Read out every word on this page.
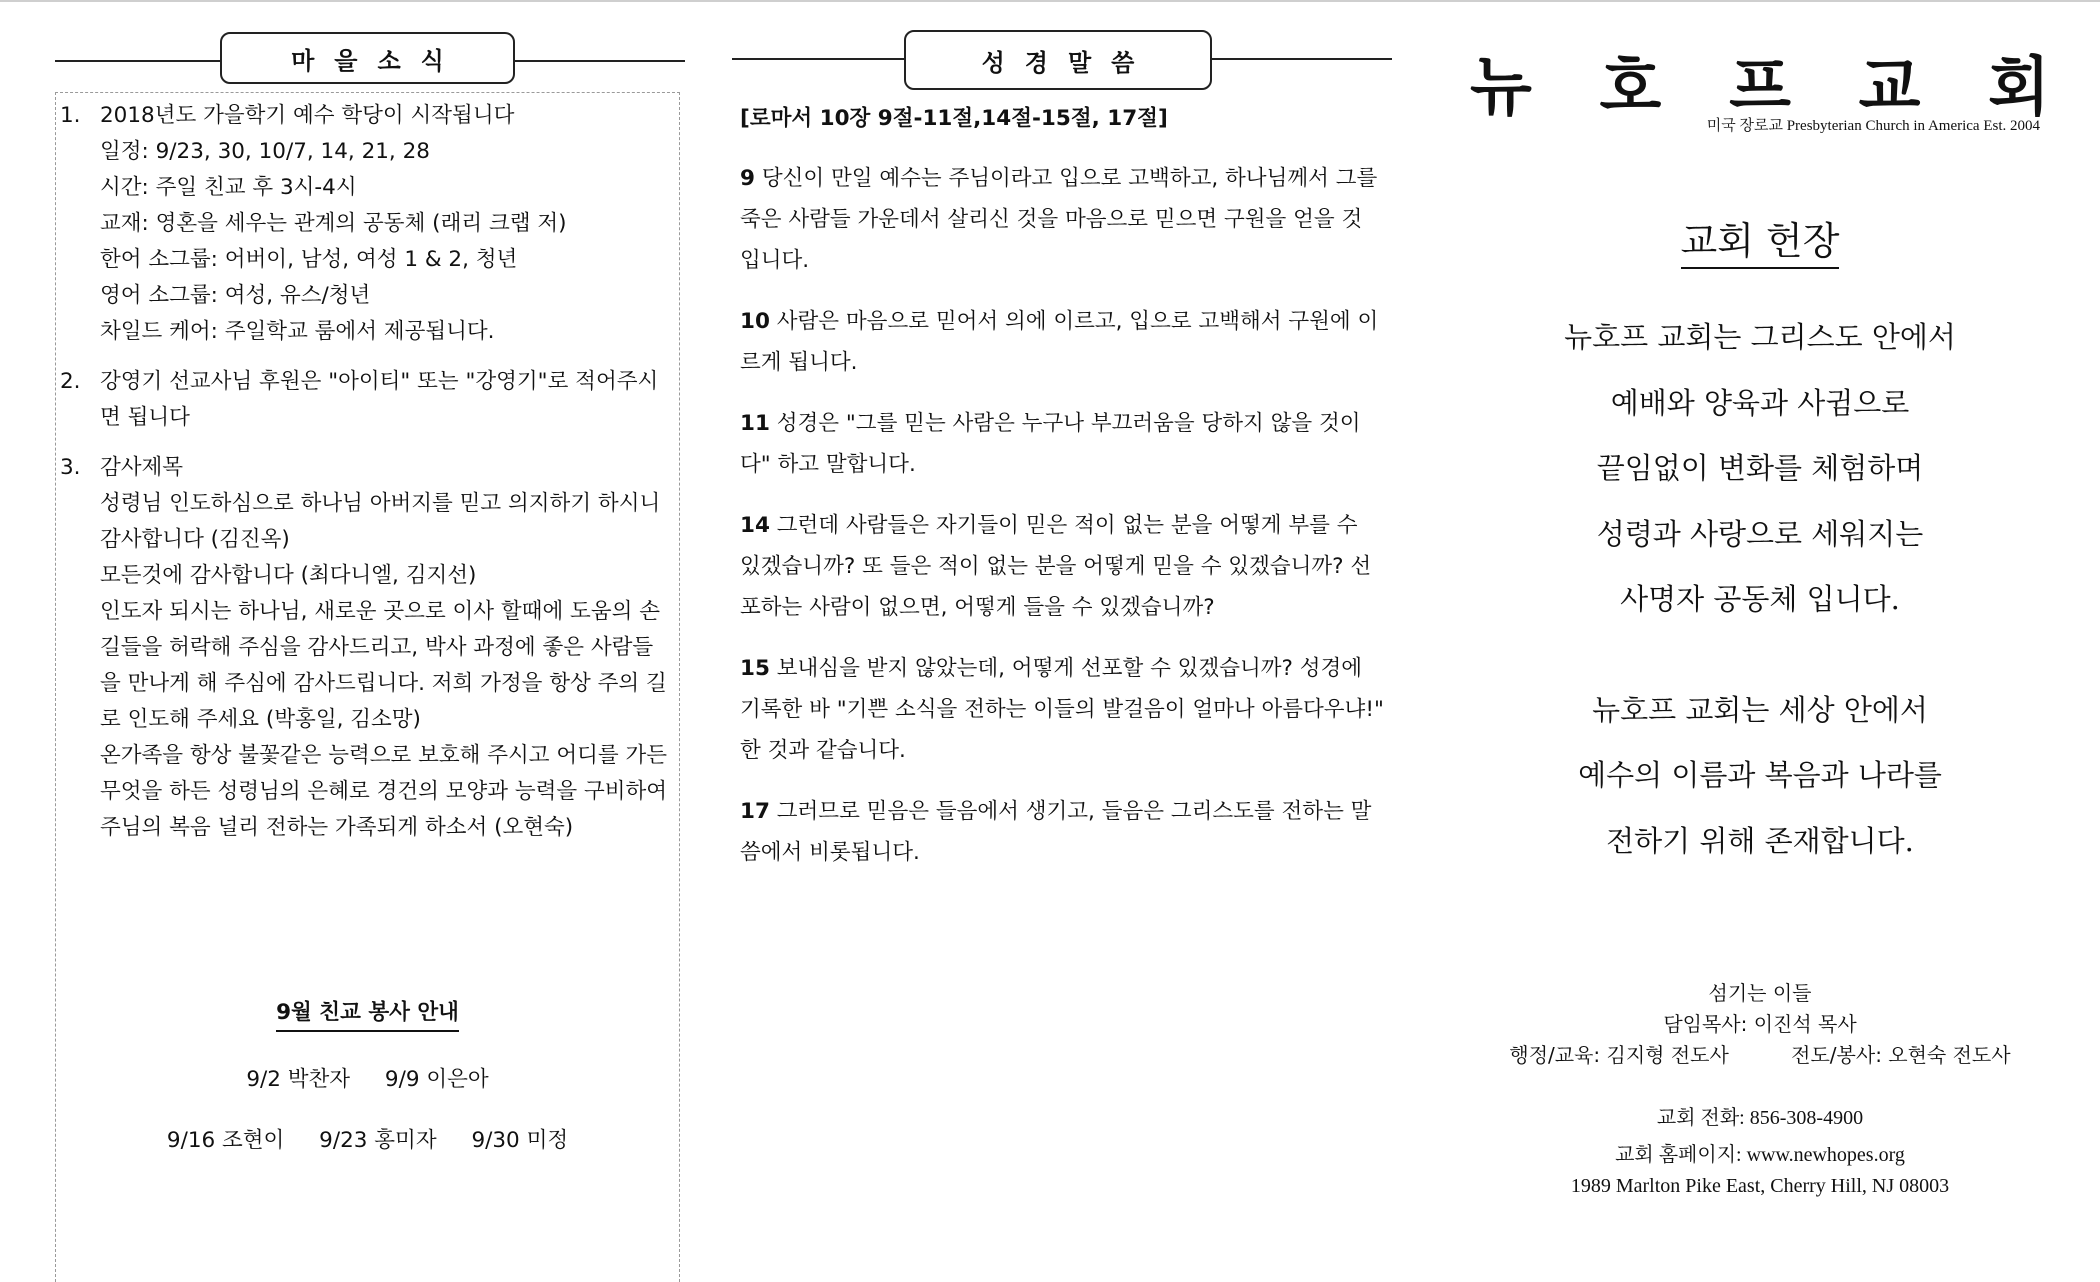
마을소식
1. 2018년도 가을학기 예수 학당이 시작됩니다
일정: 9/23, 30, 10/7, 14, 21, 28
시간: 주일 친교 후 3시-4시
교재: 영혼을 세우는 관계의 공동체 (래리 크랩 저)
한어 소그룹: 어버이, 남성, 여성 1 & 2, 청년
영어 소그룹: 여성, 유스/청년
차일드 케어: 주일학교 룸에서 제공됩니다.
2. 강영기 선교사님 후원은 "아이티" 또는 "강영기"로 적어주시
면 됩니다
3. 감사제목
성령님 인도하심으로 하나님 아버지를 믿고 의지하기 하시니
감사합니다 (김진옥)
모든것에 감사합니다 (최다니엘, 김지선)
인도자 되시는 하나님, 새로운 곳으로 이사 할때에 도움의 손
길들을 허락해 주심을 감사드리고, 박사 과정에 좋은 사람들
을 만나게 해 주심에 감사드립니다. 저희 가정을 항상 주의 길
로 인도해 주세요 (박홍일, 김소망)
온가족을 항상 불꽃같은 능력으로 보호해 주시고 어디를 가든
무엇을 하든 성령님의 은혜로 경건의 모양과 능력을 구비하여
주님의 복음 널리 전하는 가족되게 하소서 (오현숙)
9월 친교 봉사 안내
9/2 박찬자 9/9 이은아
9/16 조현이 9/23 홍미자 9/30 미정
성경말씀
[로마서 10장 9절-11절,14절-15절, 17절]
9 당신이 만일 예수는 주님이라고 입으로 고백하고, 하나님께서 그를
죽은 사람들 가운데서 살리신 것을 마음으로 믿으면 구원을 얻을 것
입니다.
10 사람은 마음으로 믿어서 의에 이르고, 입으로 고백해서 구원에 이
르게 됩니다.
11 성경은 "그를 믿는 사람은 누구나 부끄러움을 당하지 않을 것이
다" 하고 말합니다.
14 그런데 사람들은 자기들이 믿은 적이 없는 분을 어떻게 부를 수
있겠습니까? 또 들은 적이 없는 분을 어떻게 믿을 수 있겠습니까? 선
포하는 사람이 없으면, 어떻게 들을 수 있겠습니까?
15 보내심을 받지 않았는데, 어떻게 선포할 수 있겠습니까? 성경에
기록한 바 "기쁜 소식을 전하는 이들의 발걸음이 얼마나 아름다우냐!"
한 것과 같습니다.
17 그러므로 믿음은 들음에서 생기고, 들음은 그리스도를 전하는 말
씀에서 비롯됩니다.
뉴 호 프 교 회
미국 장로교 Presbyterian Church in America Est. 2004
교회 헌장
뉴호프 교회는 그리스도 안에서
예배와 양육과 사귐으로
끝임없이 변화를 체험하며
성령과 사랑으로 세워지는
사명자 공동체 입니다.
뉴호프 교회는 세상 안에서
예수의 이름과 복음과 나라를
전하기 위해 존재합니다.
섬기는 이들
담임목사: 이진석 목사
행정/교육: 김지형 전도사	전도/봉사: 오현숙 전도사
교회 전화: 856-308-4900
교회 홈페이지: www.newhopes.org
1989 Marlton Pike East, Cherry Hill, NJ 08003
